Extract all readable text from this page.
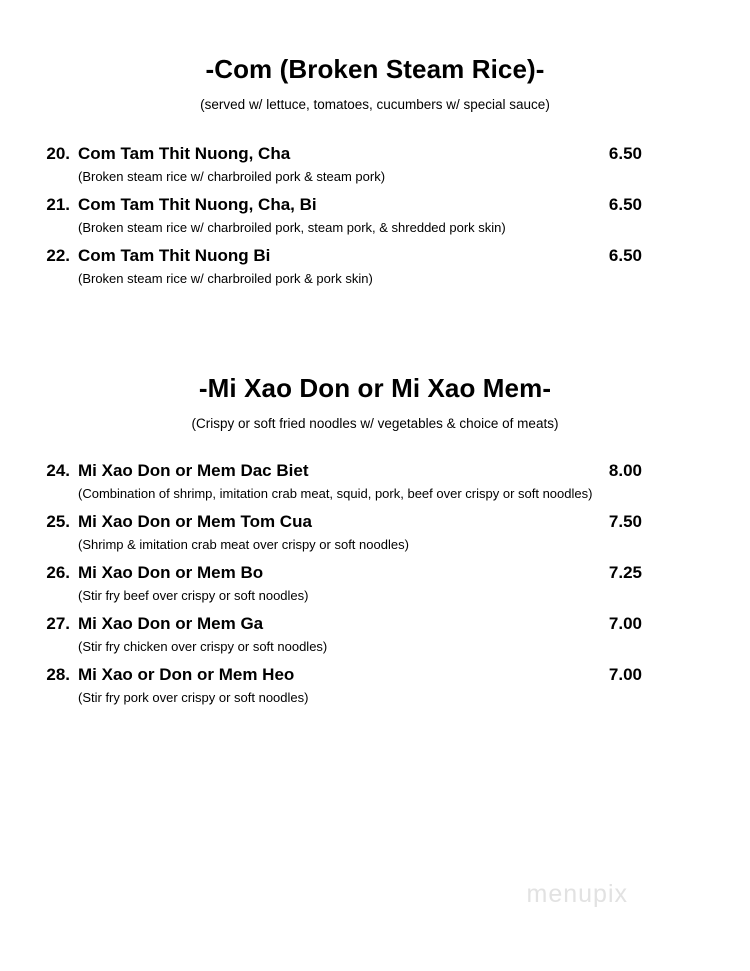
-Com (Broken Steam Rice)-
(served w/ lettuce, tomatoes, cucumbers w/ special sauce)
20. Com Tam Thit Nuong, Cha	6.50
(Broken steam rice w/ charbroiled pork & steam pork)
21. Com Tam Thit Nuong, Cha, Bi	6.50
(Broken steam rice w/ charbroiled pork, steam pork, & shredded pork skin)
22. Com Tam Thit Nuong Bi	6.50
(Broken steam rice w/ charbroiled pork & pork skin)
-Mi Xao Don or Mi Xao Mem-
(Crispy or soft fried noodles w/ vegetables & choice of meats)
24. Mi Xao Don or Mem Dac Biet	8.00
(Combination of shrimp, imitation crab meat, squid, pork, beef over crispy or soft noodles)
25. Mi Xao Don or Mem Tom Cua	7.50
(Shrimp & imitation crab meat over crispy or soft noodles)
26. Mi Xao Don or Mem Bo	7.25
(Stir fry beef over crispy or soft noodles)
27. Mi Xao Don or Mem Ga	7.00
(Stir fry chicken over crispy or soft noodles)
28. Mi Xao or Don or Mem Heo	7.00
(Stir fry pork over crispy or soft noodles)
menupix
